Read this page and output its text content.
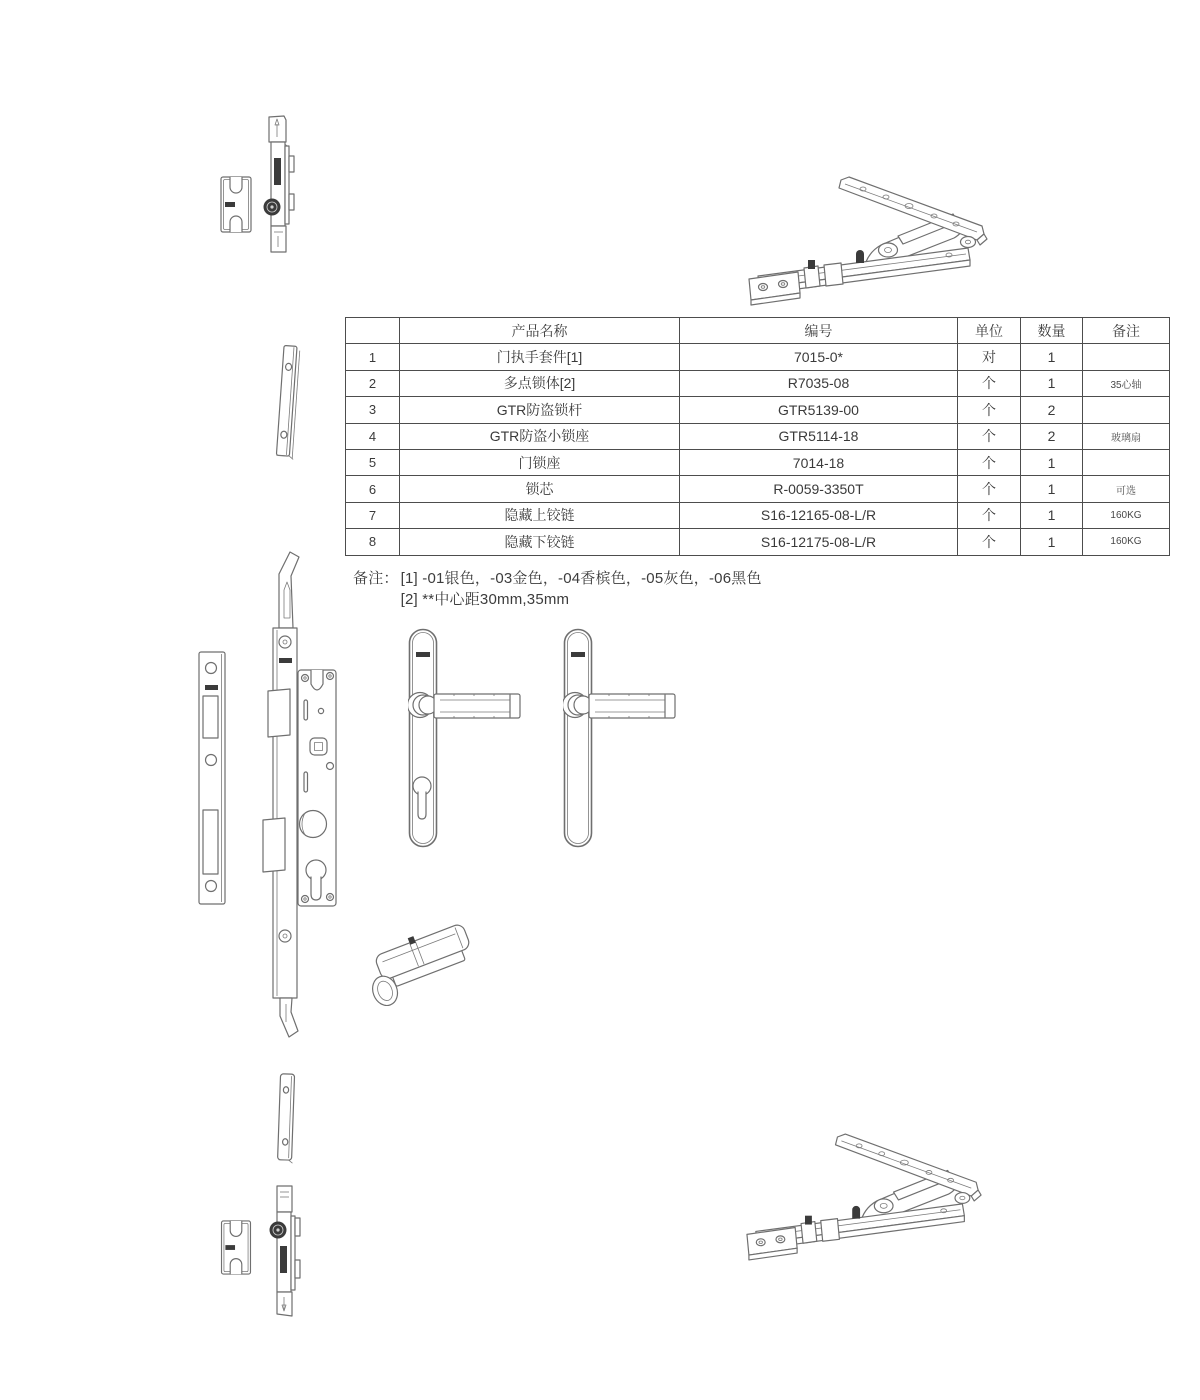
	产品名称	编号	单位	数量	备注
1	门执手套件[1]	7015-0*	对	1	
2	多点锁体[2]	R7035-08	个	1	35心轴
3	GTR防盗锁杆	GTR5139-00	个	2	
4	GTR防盗小锁座	GTR5114-18	个	2	玻璃扇
5	门锁座	7014-18	个	1	
6	锁芯	R-0059-3350T	个	1	可选
7	隐藏上铰链	S16-12165-08-L/R	个	1	160KG
8	隐藏下铰链	S16-12175-08-L/R	个	1	160KG
备注： [1] -01银色，-03金色，-04香槟色，-05灰色，-06黑色
[2] **中心距30mm,35mm
